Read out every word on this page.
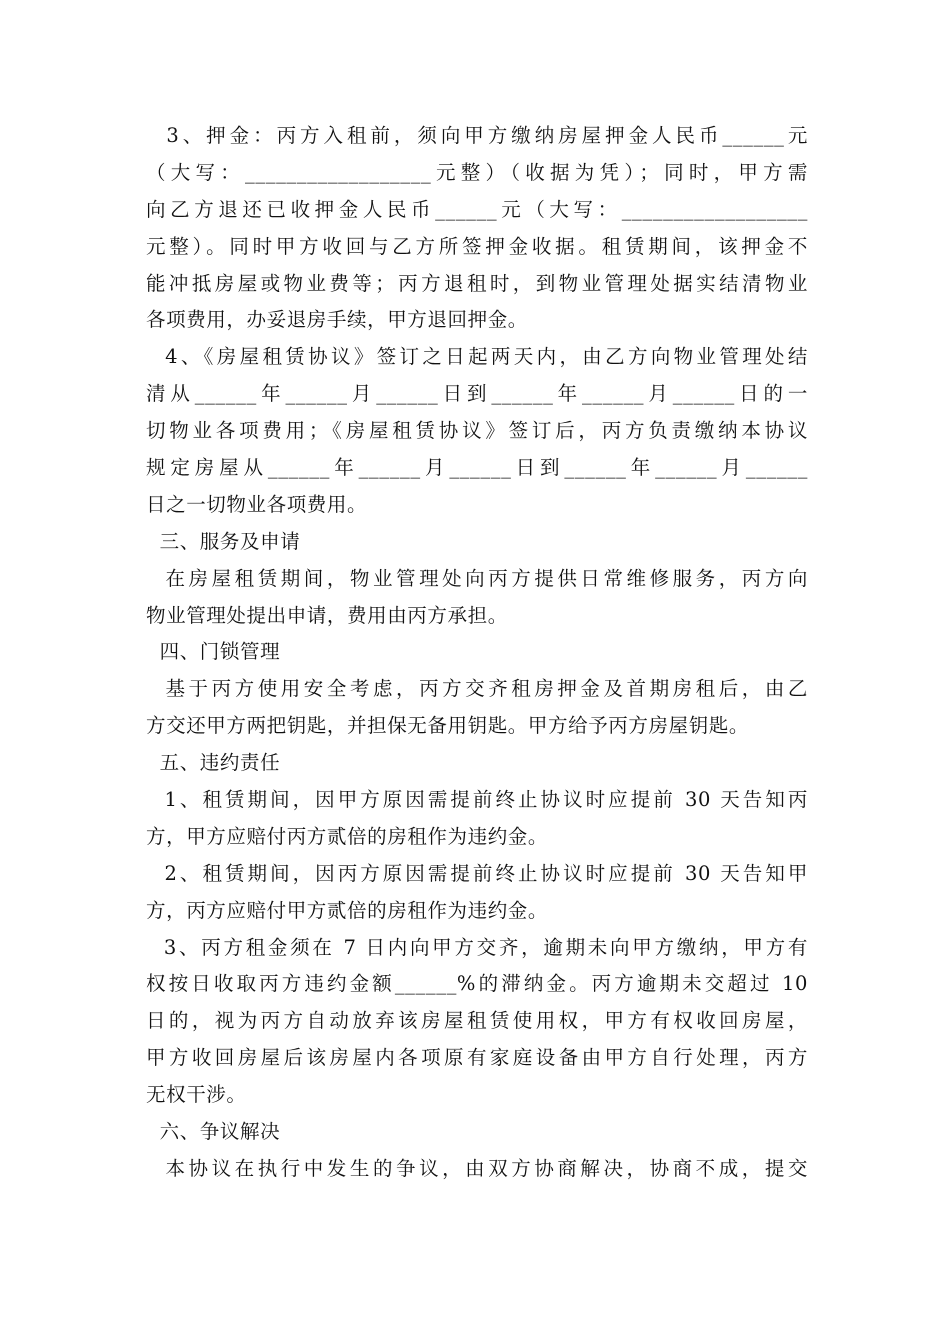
3、押金：丙方入租前，须向甲方缴纳房屋押金人民币______元
（大写：__________________元整）（收据为凭）；同时，甲方需
向乙方退还已收押金人民币______元（大写：__________________
元整）。同时甲方收回与乙方所签押金收据。租赁期间，该押金不
能冲抵房屋或物业费等；丙方退租时，到物业管理处据实结清物业
各项费用，办妥退房手续，甲方退回押金。
4、《房屋租赁协议》签订之日起两天内，由乙方向物业管理处结
清从______年______月______日到______年______月______日的一
切物业各项费用；《房屋租赁协议》签订后，丙方负责缴纳本协议
规定房屋从______年______月______日到______年______月______
日之一切物业各项费用。
三、服务及申请
在房屋租赁期间，物业管理处向丙方提供日常维修服务，丙方向
物业管理处提出申请，费用由丙方承担。
四、门锁管理
基于丙方使用安全考虑，丙方交齐租房押金及首期房租后，由乙
方交还甲方两把钥匙，并担保无备用钥匙。甲方给予丙方房屋钥匙。
五、违约责任
1、租赁期间，因甲方原因需提前终止协议时应提前 30 天告知丙
方，甲方应赔付丙方贰倍的房租作为违约金。
2、租赁期间，因丙方原因需提前终止协议时应提前 30 天告知甲
方，丙方应赔付甲方贰倍的房租作为违约金。
3、丙方租金须在 7 日内向甲方交齐，逾期未向甲方缴纳，甲方有
权按日收取丙方违约金额______%的滞纳金。丙方逾期未交超过 10
日的，视为丙方自动放弃该房屋租赁使用权，甲方有权收回房屋，
甲方收回房屋后该房屋内各项原有家庭设备由甲方自行处理，丙方
无权干涉。
六、争议解决
本协议在执行中发生的争议，由双方协商解决，协商不成，提交
